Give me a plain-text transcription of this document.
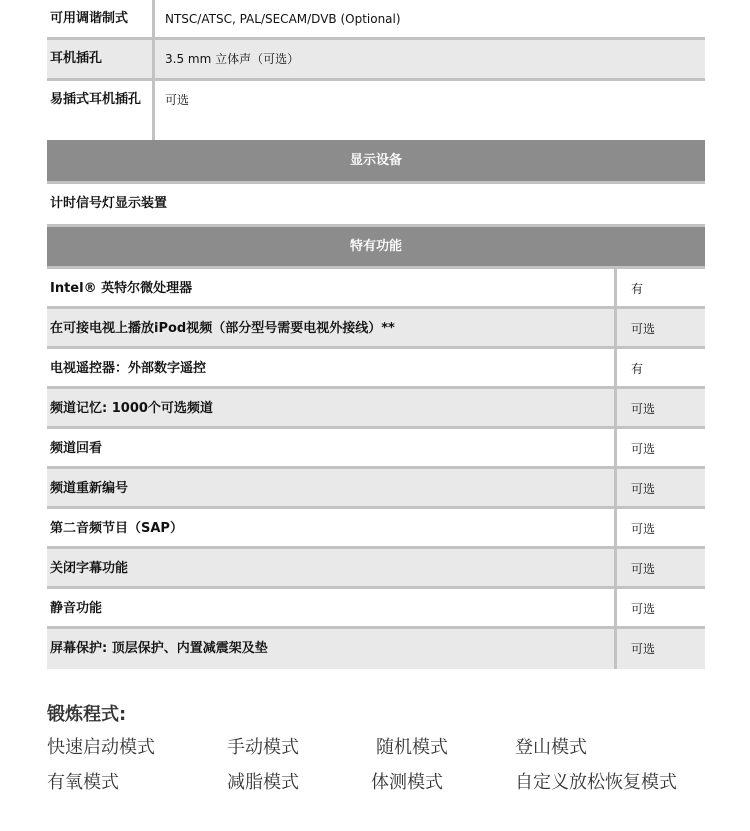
可用调谐制式	NTSC/ATSC, PAL/SECAM/DVB (Optional)
耳机插孔	3.5 mm 立体声（可选）
易插式耳机插孔	可选
显示设备
计时信号灯显示装置
特有功能
Intel® 英特尔微处理器	有
在可接电视上播放iPod视频（部分型号需要电视外接线）**	可选
电视遥控器：外部数字遥控	有
频道记忆: 1000个可选频道	可选
频道回看	可选
频道重新编号	可选
第二音频节目（SAP）	可选
关闭字幕功能	可选
静音功能	可选
屏幕保护: 顶层保护、内置减震架及垫	可选
锻炼程式:
快速启动模式	手动模式	随机模式	登山模式
有氧模式	减脂模式	体测模式	自定义放松恢复模式
